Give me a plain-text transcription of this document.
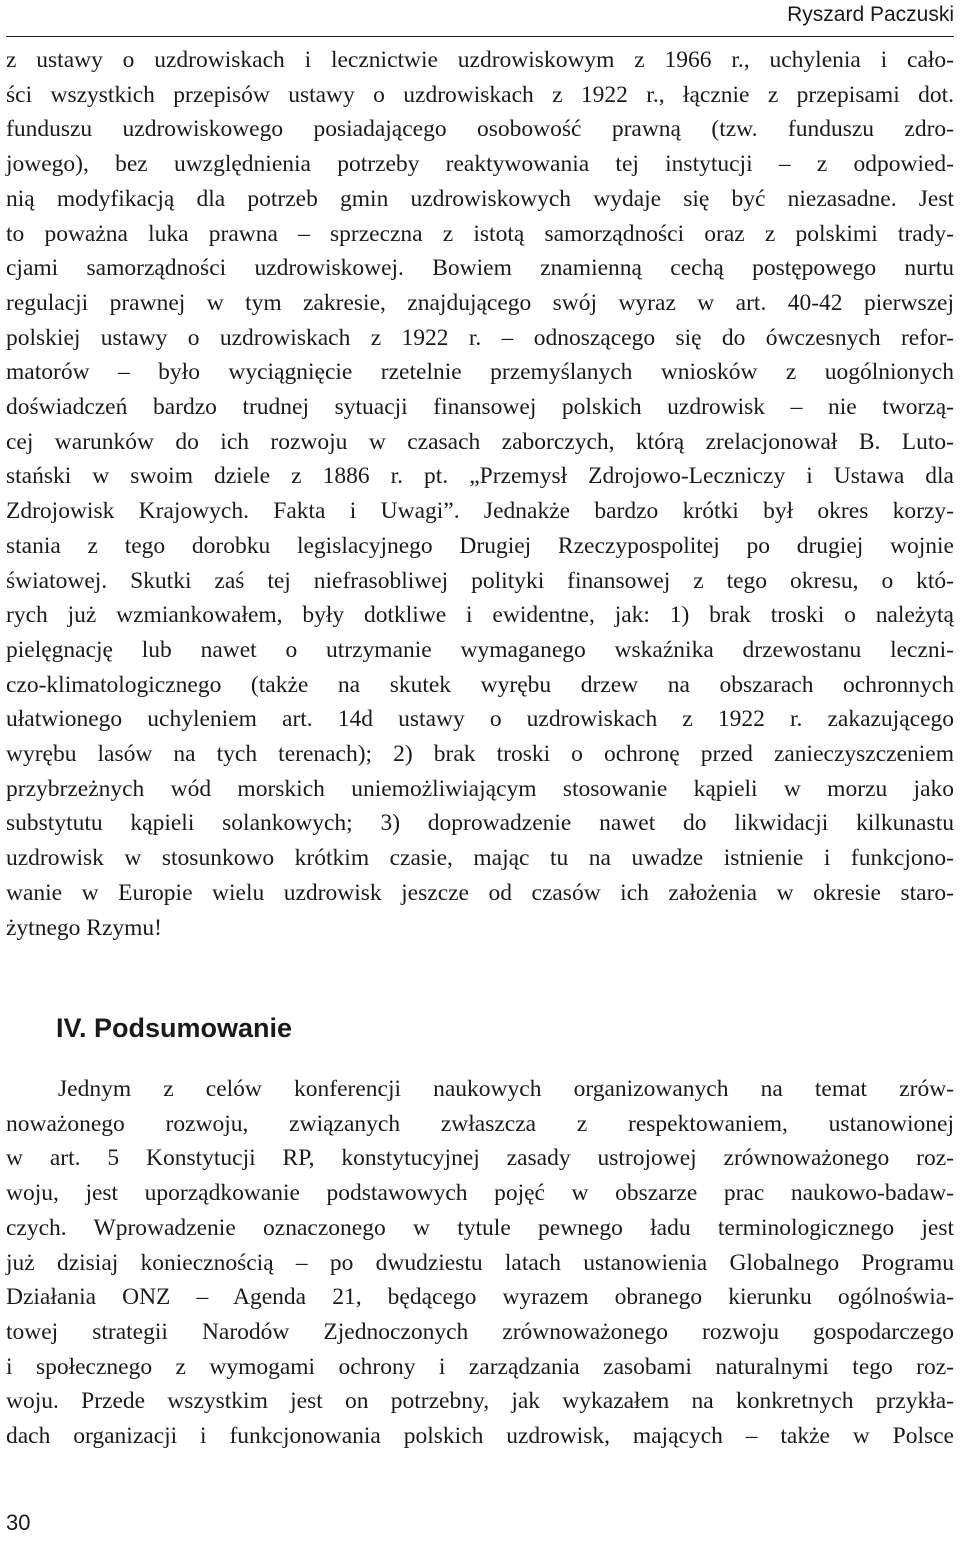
Ryszard Paczuski
z ustawy o uzdrowiskach i lecznictwie uzdrowiskowym z 1966 r., uchylenia i cało-
ści wszystkich przepisów ustawy o uzdrowiskach z 1922 r., łącznie z przepisami dot.
funduszu uzdrowiskowego posiadającego osobowość prawną (tzw. funduszu zdro-
jowego), bez uwzględnienia potrzeby reaktywowania tej instytucji – z odpowied-
nią modyfikacją dla potrzeb gmin uzdrowiskowych wydaje się być niezasadne. Jest
to poważna luka prawna – sprzeczna z istotą samorządności oraz z polskimi trady-
cjami samorządności uzdrowiskowej. Bowiem znamienną cechą postępowego nurtu
regulacji prawnej w tym zakresie, znajdującego swój wyraz w art. 40-42 pierwszej
polskiej ustawy o uzdrowiskach z 1922 r. – odnoszącego się do ówczesnych refor-
matorów – było wyciągnięcie rzetelnie przemyślanych wniosków z uogólnionych
doświadczeń bardzo trudnej sytuacji finansowej polskich uzdrowisk – nie tworzą-
cej warunków do ich rozwoju w czasach zaborczych, którą zrelacjonował B. Luto-
stański w swoim dziele z 1886 r. pt. „Przemysł Zdrojowo-Leczniczy i Ustawa dla
Zdrojowisk Krajowych. Fakta i Uwagi”. Jednakże bardzo krótki był okres korzy-
stania z tego dorobku legislacyjnego Drugiej Rzeczypospolitej po drugiej wojnie
światowej. Skutki zaś tej niefrasobliwej polityki finansowej z tego okresu, o któ-
rych już wzmiankowałem, były dotkliwe i ewidentne, jak: 1) brak troski o należytą
pielęgnację lub nawet o utrzymanie wymaganego wskaźnika drzewostanu leczni-
czo-klimatologicznego (także na skutek wyrębu drzew na obszarach ochronnych
ułatwionego uchyleniem art. 14d ustawy o uzdrowiskach z 1922 r. zakazującego
wyrębu lasów na tych terenach); 2) brak troski o ochronę przed zanieczyszczeniem
przybrzeżnych wód morskich uniemożliwiającym stosowanie kąpieli w morzu jako
substytutu kąpieli solankowych; 3) doprowadzenie nawet do likwidacji kilkunastu
uzdrowisk w stosunkowo krótkim czasie, mając tu na uwadze istnienie i funkcjono-
wanie w Europie wielu uzdrowisk jeszcze od czasów ich założenia w okresie staro-
żytnego Rzymu!
IV. Podsumowanie
Jednym z celów konferencji naukowych organizowanych na temat zrów-
noważonego rozwoju, związanych zwłaszcza z respektowaniem, ustanowionej
w art. 5 Konstytucji RP, konstytucyjnej zasady ustrojowej zrównoważonego roz-
woju, jest uporządkowanie podstawowych pojęć w obszarze prac naukowo-badaw-
czych. Wprowadzenie oznaczonego w tytule pewnego ładu terminologicznego jest
już dzisiaj koniecznością – po dwudziestu latach ustanowienia Globalnego Programu
Działania ONZ – Agenda 21, będącego wyrazem obranego kierunku ogólnoświa-
towej strategii Narodów Zjednoczonych zrównoważonego rozwoju gospodarczego
i społecznego z wymogami ochrony i zarządzania zasobami naturalnymi tego roz-
woju. Przede wszystkim jest on potrzebny, jak wykazałem na konkretnych przykła-
dach organizacji i funkcjonowania polskich uzdrowisk, mających – także w Polsce
30
